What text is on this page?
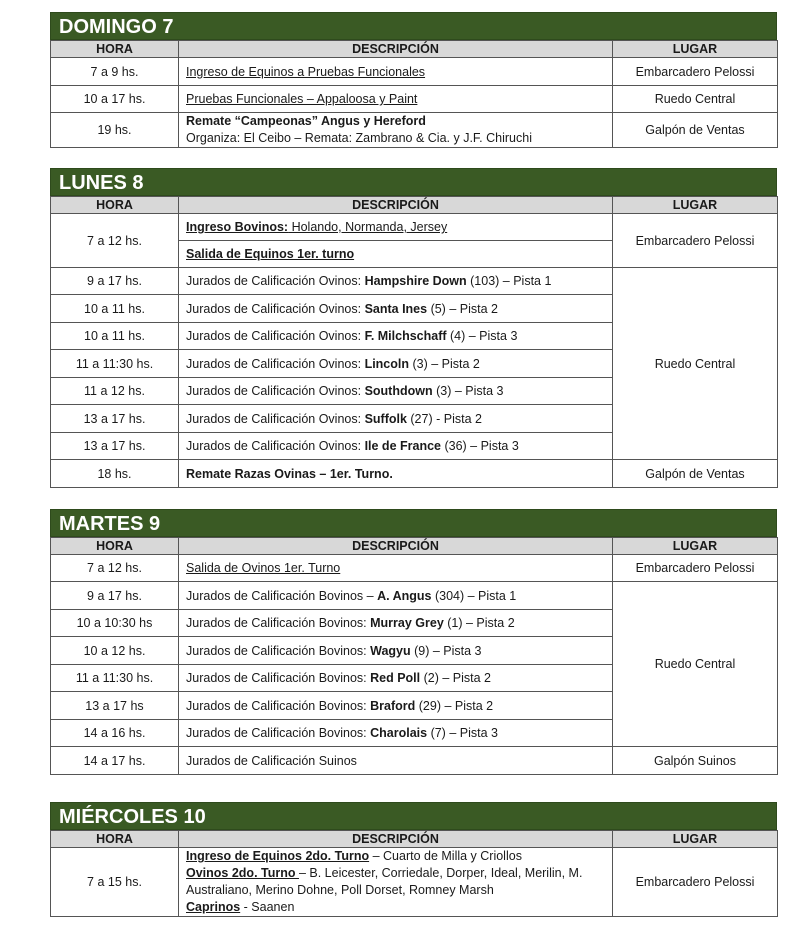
DOMINGO 7
HORA	DESCRIPCIÓN	LUGAR
7 a 9 hs.	Ingreso de Equinos a Pruebas Funcionales	Embarcadero Pelossi
10 a 17 hs.	Pruebas Funcionales – Appaloosa y Paint	Ruedo Central
19 hs.	Remate “Campeonas” Angus y Hereford
Organiza: El Ceibo – Remata: Zambrano & Cia. y J.F. Chiruchi	Galpón de Ventas
LUNES 8
HORA	DESCRIPCIÓN	LUGAR
7 a 12 hs.	Ingreso Bovinos: Holando, Normanda, Jersey	Embarcadero Pelossi
	Salida de Equinos 1er. turno	
9 a 17 hs.	Jurados de Calificación Ovinos: Hampshire Down (103) – Pista 1	Ruedo Central
10 a 11 hs.	Jurados de Calificación Ovinos: Santa Ines (5) – Pista 2	
10 a 11 hs.	Jurados de Calificación Ovinos: F. Milchschaff (4) – Pista 3	
11 a 11:30 hs.	Jurados de Calificación Ovinos: Lincoln (3) – Pista 2	
11 a 12 hs.	Jurados de Calificación Ovinos: Southdown (3) – Pista 3	
13 a 17 hs.	Jurados de Calificación Ovinos: Suffolk (27) - Pista 2	
13 a 17 hs.	Jurados de Calificación Ovinos: Ile de France (36) – Pista 3	
18 hs.	Remate Razas Ovinas – 1er. Turno.	Galpón de Ventas
MARTES 9
HORA	DESCRIPCIÓN	LUGAR
7 a 12 hs.	Salida de Ovinos 1er. Turno	Embarcadero Pelossi
9 a 17 hs.	Jurados de Calificación Bovinos – A. Angus (304) – Pista 1	Ruedo Central
10 a 10:30 hs	Jurados de Calificación Bovinos: Murray Grey (1) – Pista 2	
10 a 12 hs.	Jurados de Calificación Bovinos: Wagyu (9) – Pista 3	
11 a 11:30 hs.	Jurados de Calificación Bovinos: Red Poll (2) – Pista 2	
13 a 17 hs	Jurados de Calificación Bovinos: Braford (29) – Pista 2	
14 a 16 hs.	Jurados de Calificación Bovinos: Charolais (7) – Pista 3	
14 a 17 hs.	Jurados de Calificación Suinos	Galpón Suinos
MIÉRCOLES 10
HORA	DESCRIPCIÓN	LUGAR
7 a 15 hs.	Ingreso de Equinos 2do. Turno – Cuarto de Milla y Criollos
Ovinos 2do. Turno – B. Leicester, Corriedale, Dorper, Ideal, Merilin, M.
Australiano, Merino Dohne, Poll Dorset, Romney Marsh
Caprinos - Saanen	Embarcadero Pelossi
